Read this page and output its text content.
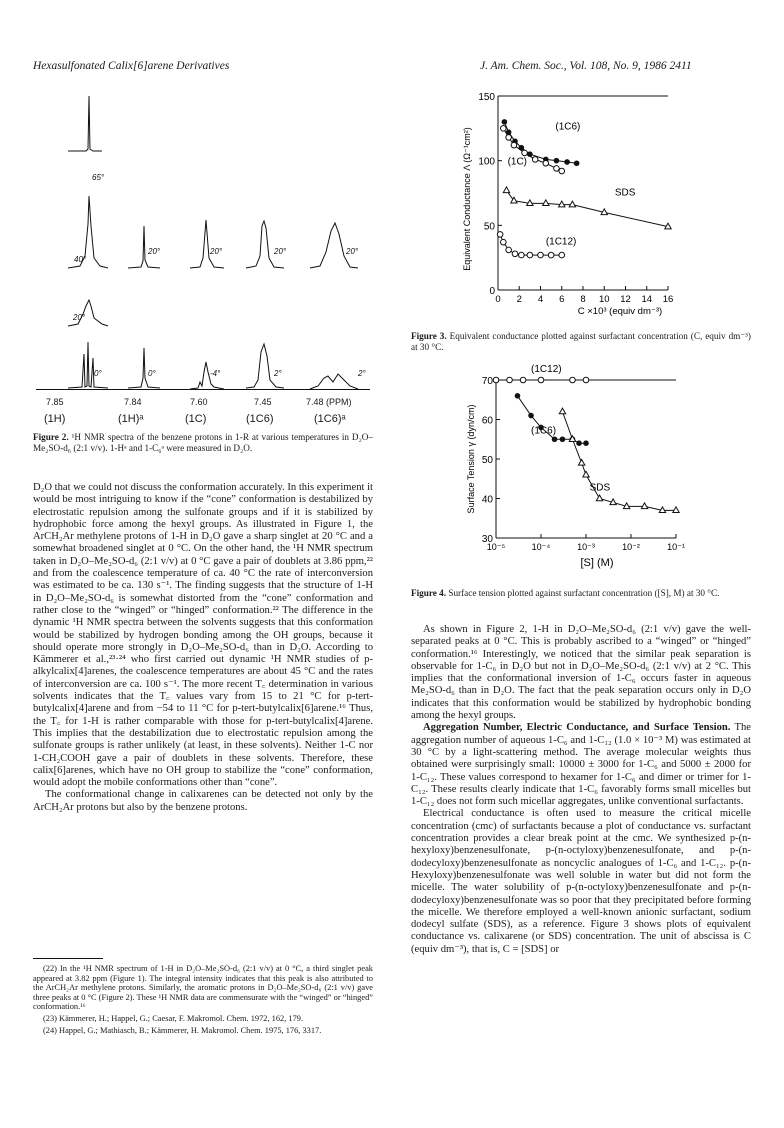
Hexasulfonated Calix[6]arene Derivatives	J. Am. Chem. Soc., Vol. 108, No. 9, 1986 2411
65°
40°
20°
0°
20°
0°
20°
-4°
20°
2°
20°
2°
7.85	7.84	7.60	7.45	7.48 (PPM)
(1H)	(1H)ᵃ	(1C)	(1C6)	(1C6)ᵃ
Figure 2. ¹H NMR spectra of the benzene protons in 1-R at various temperatures in D₂O–Me₂SO-d₆ (2:1 v/v). 1-Hᵃ and 1-C₆ᵃ were measured in D₂O.

D₂O that we could not discuss the conformation accurately. In this experiment it would be most intriguing to know if the “cone” conformation is destabilized by electrostatic repulsion among the sulfonate groups and if it is stabilized by hydrophobic force among the hexyl groups. As illustrated in Figure 1, the ArCH₂Ar methylene protons of 1-H in D₂O gave a sharp singlet at 20 °C and a somewhat broadened singlet at 0 °C. On the other hand, the ¹H NMR spectrum taken in D₂O–Me₂SO-d₆ (2:1 v/v) at 0 °C gave a pair of doublets at 3.86 ppm,²² and from the coalescence temperature of ca. 40 °C the rate of interconversion was estimated to be ca. 130 s⁻¹. The finding suggests that the structure of 1-H in D₂O–Me₂SO-d₆ is somewhat distorted from the “cone” conformation and rather close to the “winged” or “hinged” conformation.²² The difference in the dynamic ¹H NMR spectra between the solvents suggests that this conformation would be stabilized by hydrogen bonding among the OH groups, because it should operate more strongly in D₂O–Me₂SO-d₆ than in D₂O. According to Kämmerer et al.,²³·²⁴ who first carried out dynamic ¹H NMR studies of p-alkylcalix[4]arenes, the coalescence temperatures are about 45 °C and the rates of interconversion are ca. 100 s⁻¹. The more recent T꜀ determination in various solvents indicates that the T꜀ values vary from 15 to 21 °C for p-tert-butylcalix[4]arene and from −54 to 11 °C for p-tert-butylcalix[6]arene.¹⁶ Thus, the T꜀ for 1-H is rather comparable with those for p-tert-butylcalix[4]arene. This implies that the destabilization due to electrostatic repulsion among the sulfonate groups is rather unlikely (at least, in these solvents). Neither 1-C nor 1-CH₂COOH gave a pair of doublets in these solvents. Therefore, these calix[6]arenes, which have no OH group to stabilize the “cone” conformation, would adopt the mobile conformations other than “cone”.

The conformational change in calixarenes can be detected not only by the ArCH₂Ar protons but also by the benzene protons.

(22) In the ¹H NMR spectrum of 1-H in D₂O–Me₂SO-d₆ (2:1 v/v) at 0 °C, a third singlet peak appeared at 3.82 ppm (Figure 1). The integral intensity indicates that this peak is also attributed to the ArCH₂Ar methylene protons. Similarly, the aromatic protons in D₂O–Me₂SO-d₆ (2:1 v/v) gave three peaks at 0 °C (Figure 2). These ¹H NMR data are commensurate with the “winged” or “hinged” conformation.¹⁶

(23) Kämmerer, H.; Happel, G.; Caesar, F. Makromol. Chem. 1972, 162, 179.

(24) Happel, G.; Mathiasch, B.; Kämmerer, H. Makromol. Chem. 1975, 176, 3317.

150
100
50
0
0 2 4 6 8 10 12 14 16
C ×10³ (equiv dm⁻³)
Equivalent Conductance Λ (Ω⁻¹cm²)
(1C6)
(1C)
SDS
(1C12)
Figure 3. Equivalent conductance plotted against surfactant concentration (C, equiv dm⁻³) at 30 °C.
70
60
50
40
30
10⁻⁵	10⁻⁴	10⁻³	10⁻²	10⁻¹
[S] (M)
Surface Tension γ (dyn/cm)
(1C12)
(1C6)
SDS
Figure 4. Surface tension plotted against surfactant concentration ([S], M) at 30 °C.

As shown in Figure 2, 1-H in D₂O–Me₂SO-d₆ (2:1 v/v) gave the well-separated peaks at 0 °C. This is probably ascribed to a “winged” or “hinged” conformation.¹⁶ Interestingly, we noticed that the similar peak separation is observable for 1-C₆ in D₂O but not in D₂O–Me₂SO-d₆ (2:1 v/v) at 2 °C. This implies that the conformational inversion of 1-C₆ occurs faster in aqueous Me₂SO-d₆ than in D₂O. The fact that the peak separation occurs only in D₂O indicates that this conformation would be stabilized by hydrophobic bonding among the hexyl groups.

Aggregation Number, Electric Conductance, and Surface Tension. The aggregation number of aqueous 1-C₆ and 1-C₁₂ (1.0 × 10⁻³ M) was estimated at 30 °C by a light-scattering method. The average molecular weights thus obtained were surprisingly small: 10000 ± 3000 for 1-C₆ and 5000 ± 2000 for 1-C₁₂. These values correspond to hexamer for 1-C₆ and dimer or trimer for 1-C₁₂. These results clearly indicate that 1-C₆ favorably forms small micelles but 1-C₁₂ does not form such micellar aggregates, unlike conventional surfactants.

Electrical conductance is often used to measure the critical micelle concentration (cmc) of surfactants because a plot of conductance vs. surfactant concentration provides a clear break point at the cmc. We synthesized p-(n-hexyloxy)benzenesulfonate, p-(n-octyloxy)benzenesulfonate, and p-(n-dodecyloxy)benzenesulfonate as noncyclic analogues of 1-C₆ and 1-C₁₂. p-(n-Hexyloxy)benzenesulfonate was well soluble in water but did not form the micelle. The water solubility of p-(n-octyloxy)benzenesulfonate and p-(n-dodecyloxy)benzenesulfonate was so poor that they precipitated before forming the micelle. We therefore employed a well-known anionic surfactant, sodium dodecyl sulfate (SDS), as a reference. Figure 3 shows plots of equivalent conductance vs. calixarene (or SDS) concentration. The unit of abscissa is C (equiv dm⁻³), that is, C = [SDS] or
